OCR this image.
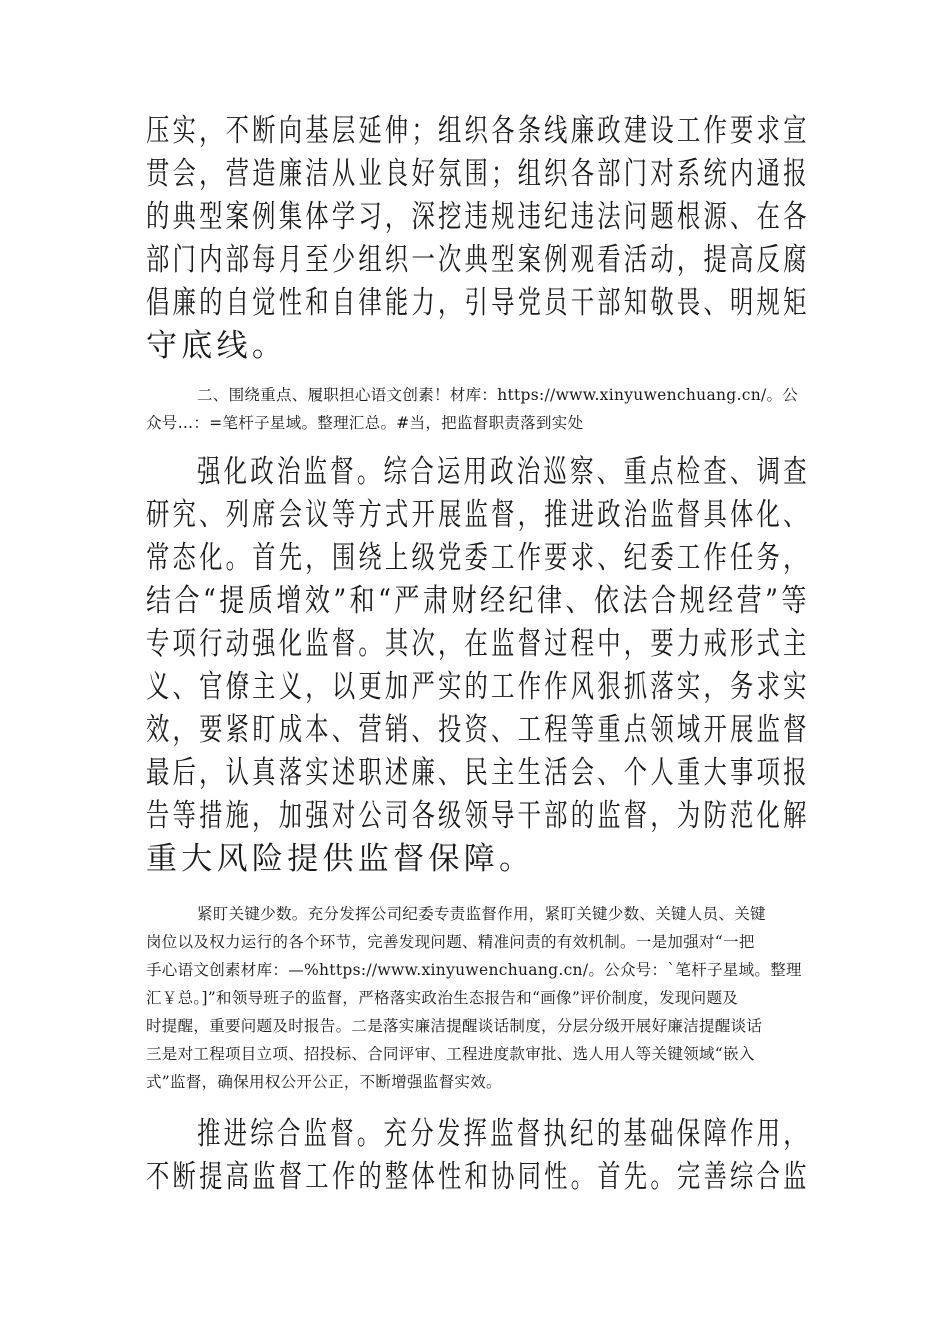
压实，不断向基层延伸；组织各条线廉政建设工作要求宣
贯会，营造廉洁从业良好氛围；组织各部门对系统内通报
的典型案例集体学习，深挖违规违纪违法问题根源、在各
部门内部每月至少组织一次典型案例观看活动，提高反腐
倡廉的自觉性和自律能力，引导党员干部知敬畏、明规矩
守底线。
二、围绕重点、履职担心语文创素！材库：https://www.xinyuwenchuang.cn/。公
众号…：=笔杆子星域。整理汇总。#当，把监督职责落到实处
强化政治监督。综合运用政治巡察、重点检查、调查
研究、列席会议等方式开展监督，推进政治监督具体化、
常态化。首先，围绕上级党委工作要求、纪委工作任务，
结合“提质增效”和“严肃财经纪律、依法合规经营”等
专项行动强化监督。其次，在监督过程中，要力戒形式主
义、官僚主义，以更加严实的工作作风狠抓落实，务求实
效，要紧盯成本、营销、投资、工程等重点领域开展监督
最后，认真落实述职述廉、民主生活会、个人重大事项报
告等措施，加强对公司各级领导干部的监督，为防范化解
重大风险提供监督保障。
紧盯关键少数。充分发挥公司纪委专责监督作用，紧盯关键少数、关键人员、关键
岗位以及权力运行的各个环节，完善发现问题、精准问责的有效机制。一是加强对“一把
手心语文创素材库：—%https://www.xinyuwenchuang.cn/。公众号：`笔杆子星域。整理
汇￥总。]”和领导班子的监督，严格落实政治生态报告和“画像”评价制度，发现问题及
时提醒，重要问题及时报告。二是落实廉洁提醒谈话制度，分层分级开展好廉洁提醒谈话
三是对工程项目立项、招投标、合同评审、工程进度款审批、选人用人等关键领域“嵌入
式”监督，确保用权公开公正，不断增强监督实效。
推进综合监督。充分发挥监督执纪的基础保障作用，
不断提高监督工作的整体性和协同性。首先。完善综合监
